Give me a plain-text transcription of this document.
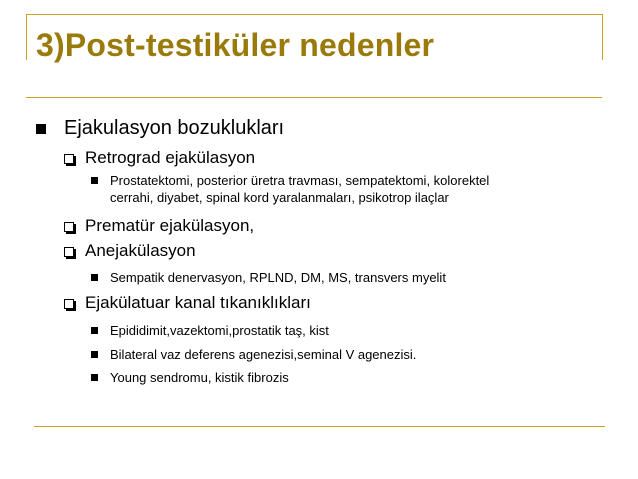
3)Post-testiküler nedenler
Ejakulasyon bozuklukları
Retrograd ejakülasyon
Prostatektomi, posterior üretra travması, sempatektomi, kolorektel
cerrahi, diyabet, spinal kord yaralanmaları, psikotrop ilaçlar
Prematür ejakülasyon,
Anejakülasyon
Sempatik denervasyon, RPLND, DM, MS, transvers myelit
Ejakülatuar kanal tıkanıklıkları
Epididimit,vazektomi,prostatik taş, kist
Bilateral vaz deferens agenezisi,seminal V agenezisi.
Young sendromu, kistik fibrozis
